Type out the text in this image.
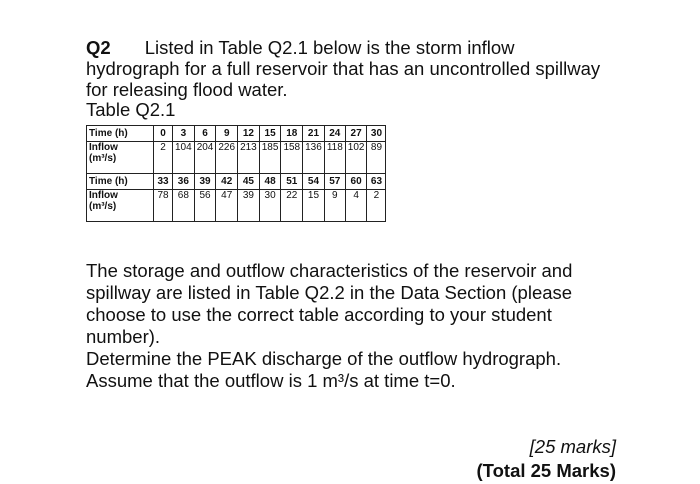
Q2 Listed in Table Q2.1 below is the storm inflow hydrograph for a full reservoir that has an uncontrolled spillway for releasing flood water.
Table Q2.1
Time (h)	0	3	6	9	12	15	18	21	24	27	30
Inflow
(m³/s)	2	104	204	226	213	185	158	136	118	102	89
Time (h)	33	36	39	42	45	48	51	54	57	60	63
Inflow
(m³/s)	78	68	56	47	39	30	22	15	9	4	2

The storage and outflow characteristics of the reservoir and spillway are listed in Table Q2.2 in the Data Section (please choose to use the correct table according to your student number).

Determine the PEAK discharge of the outflow hydrograph. Assume that the outflow is 1 m³/s at time t=0.

[25 marks]
(Total 25 Marks)
